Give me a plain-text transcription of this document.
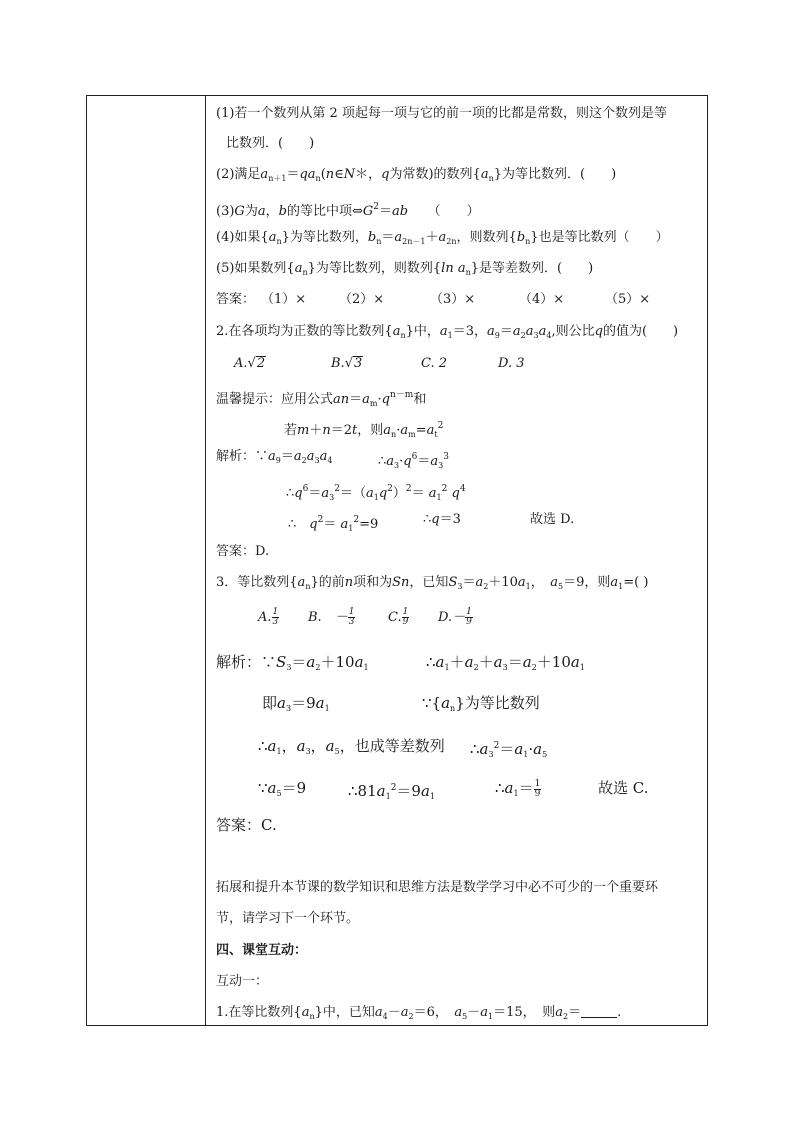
(1)若一个数列从第 2 项起每一项与它的前一项的比都是常数，则这个数列是等
比数列．(　　)
(2)满足$a_{n+1}=qa_n(n\in N*$，q为常数)的数列$\{a_n\}$为等比数列．(　　)
(3)G为a，b的等比中项$\Leftrightarrow G^2=ab$　　（　　）
(4)如果$\{a_n\}$为等比数列，$b_n=a_{2n-1}+a_{2n}$，则数列$\{b_n\}$也是等比数列（　　）
(5)如果数列$\{a_n\}$为等比数列，则数列{ln $a_n$}是等差数列．(　　)
答案： （1）×	（2）×	（3）×	（4）×	（5）×
2.在各项均为正数的等比数列$\{a_n\}$中，$a_1=3$，$a_9=a_2a_3a_4$,则公比q的值为(　　)
A.√2	B.√3	C. 2	D. 3
温馨提示：应用公式$an=a_m\cdot q^{n-m}$和
若m＋n＝2t，则$a_n\cdot a_m=a_t^2$
解析：$\because a_9=a_2a_3a_4$	$\therefore a_3\cdot q^6=a_3^3$
$\therefore q^6=a_3^2=(a_1q^2)^2= a_1^2$ $q^4$
∴　$q^2= a_1^2=9$	∴q＝3	故选 D.
答案：D.
3．等比数列$\{a_n\}$的前n项和为Sn，已知$S_3=a_2+10a_1$，　$a_5=9$，则$a_1=$( )
A. $\frac{1}{3} B$.　－ $\frac{1}{3}$	C. $\frac{1}{9} D.- \frac{1}{9}$
解析：$\because S_3=a_2+10a_1$	$\therefore a_1+a_2+a_3=a_2+10a_1$
即$a_3=9a_1$	$\because\{a_n\}$为等比数列
$\therefore a_1$，$a_3$，$a_5$，也成等差数列 $\therefore a_3^2=a_1\cdot a_5$
$\because a_5=9$	$\therefore 81a_1^2=9a_1$	$\therefore a_1= \frac{1}{9}$	故选 C.
答案：C.
拓展和提升本节课的数学知识和思维方法是数学学习中必不可少的一个重要环
节，请学习下一个环节。
四、课堂互动：
互动一：
1.在等比数列$\{a_n\}$中，已知$a_4-a_2=6$，　$a_5-a_1=15$，　则$a_2=$	.
